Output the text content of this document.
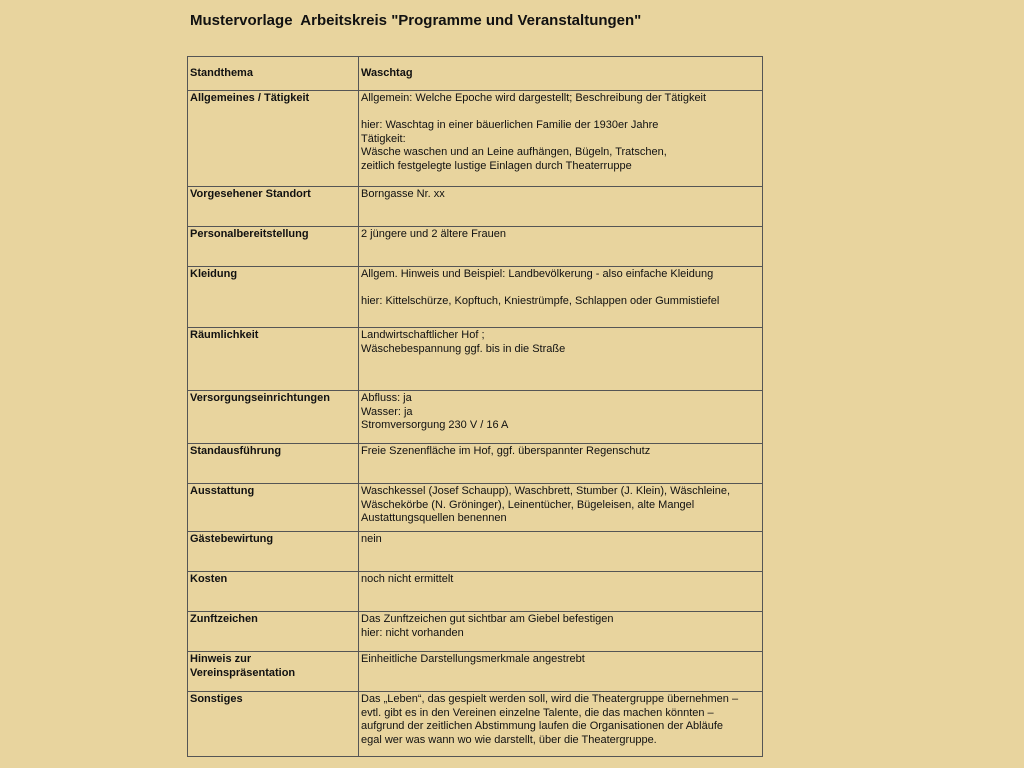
Mustervorlage  Arbeitskreis "Programme und Veranstaltungen"
Standthema	Waschtag
Allgemeines / Tätigkeit	Allgemein: Welche Epoche wird dargestellt; Beschreibung der Tätigkeit

hier: Waschtag in einer bäuerlichen Familie der 1930er Jahre
Tätigkeit:
Wäsche waschen und an Leine aufhängen, Bügeln, Tratschen,
zeitlich festgelegte lustige Einlagen durch Theaterruppe
Vorgesehener Standort	Borngasse Nr. xx
Personalbereitstellung	2 jüngere und 2 ältere Frauen
Kleidung	Allgem. Hinweis und Beispiel: Landbevölkerung - also einfache Kleidung

hier: Kittelschürze, Kopftuch, Kniestrümpfe, Schlappen oder Gummistiefel
Räumlichkeit	Landwirtschaftlicher Hof ;
Wäschebespannung ggf. bis in die Straße
Versorgungseinrichtungen	Abfluss: ja
Wasser: ja
Stromversorgung 230 V / 16 A
Standausführung	Freie Szenenfläche im Hof, ggf. überspannter Regenschutz
Ausstattung	Waschkessel (Josef Schaupp), Waschbrett, Stumber (J. Klein), Wäschleine,
Wäschekörbe (N. Gröninger), Leinentücher, Bügeleisen, alte Mangel
Austattungsquellen benennen
Gästebewirtung	nein
Kosten	noch nicht ermittelt
Zunftzeichen	Das Zunftzeichen gut sichtbar am Giebel befestigen
hier: nicht vorhanden
Hinweis zur Vereinspräsentation	Einheitliche Darstellungsmerkmale angestrebt
Sonstiges	Das „Leben“, das gespielt werden soll, wird die Theatergruppe übernehmen –
evtl. gibt es in den Vereinen einzelne Talente, die das machen könnten –
aufgrund der zeitlichen Abstimmung laufen die Organisationen der Abläufe
egal wer was wann wo wie darstellt, über die Theatergruppe.
